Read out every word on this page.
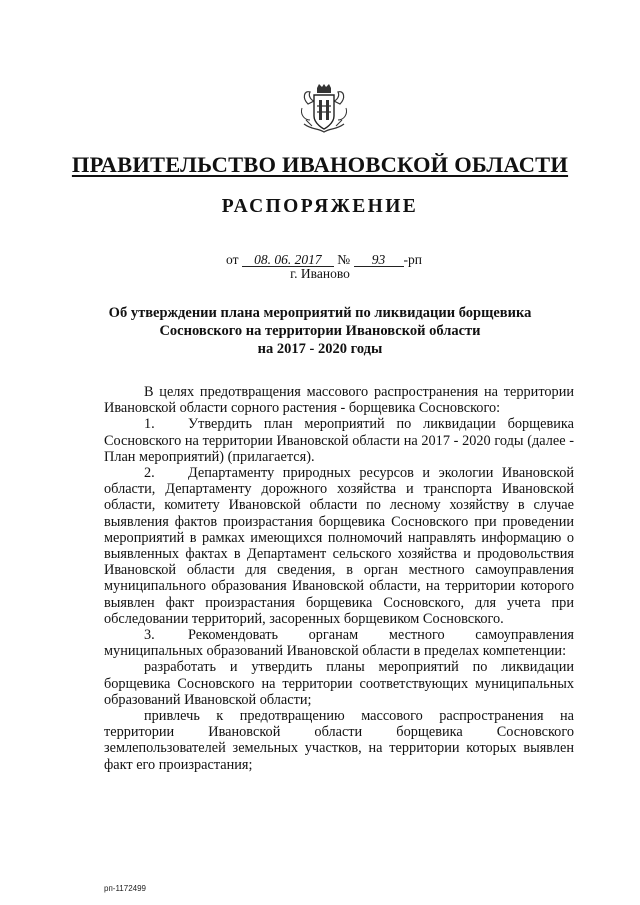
ПРАВИТЕЛЬСТВО ИВАНОВСКОЙ ОБЛАСТИ
РАСПОРЯЖЕНИЕ
от 08. 06. 2017 № 93 -рп
г. Иваново
Об утверждении плана мероприятий по ликвидации борщевика
Сосновского на территории Ивановской области
на 2017 - 2020 годы

В целях предотвращения массового распространения на территории Ивановской области сорного растения - борщевика Сосновского:

1. Утвердить план мероприятий по ликвидации борщевика Сосновского на территории Ивановской области на 2017 - 2020 годы (далее - План мероприятий) (прилагается).

2. Департаменту природных ресурсов и экологии Ивановской области, Департаменту дорожного хозяйства и транспорта Ивановской области, комитету Ивановской области по лесному хозяйству в случае выявления фактов произрастания борщевика Сосновского при проведении мероприятий в рамках имеющихся полномочий направлять информацию о выявленных фактах в Департамент сельского хозяйства и продовольствия Ивановской области для сведения, в орган местного самоуправления муниципального образования Ивановской области, на территории которого выявлен факт произрастания борщевика Сосновского, для учета при обследовании территорий, засоренных борщевиком Сосновского.

3. Рекомендовать органам местного самоуправления муниципальных образований Ивановской области в пределах компетенции:

разработать и утвердить планы мероприятий по ликвидации борщевика Сосновского на территории соответствующих муниципальных образований Ивановской области;

привлечь к предотвращению массового распространения на территории Ивановской области борщевика Сосновского землепользователей земельных участков, на территории которых выявлен факт его произрастания;

рп-1172499
